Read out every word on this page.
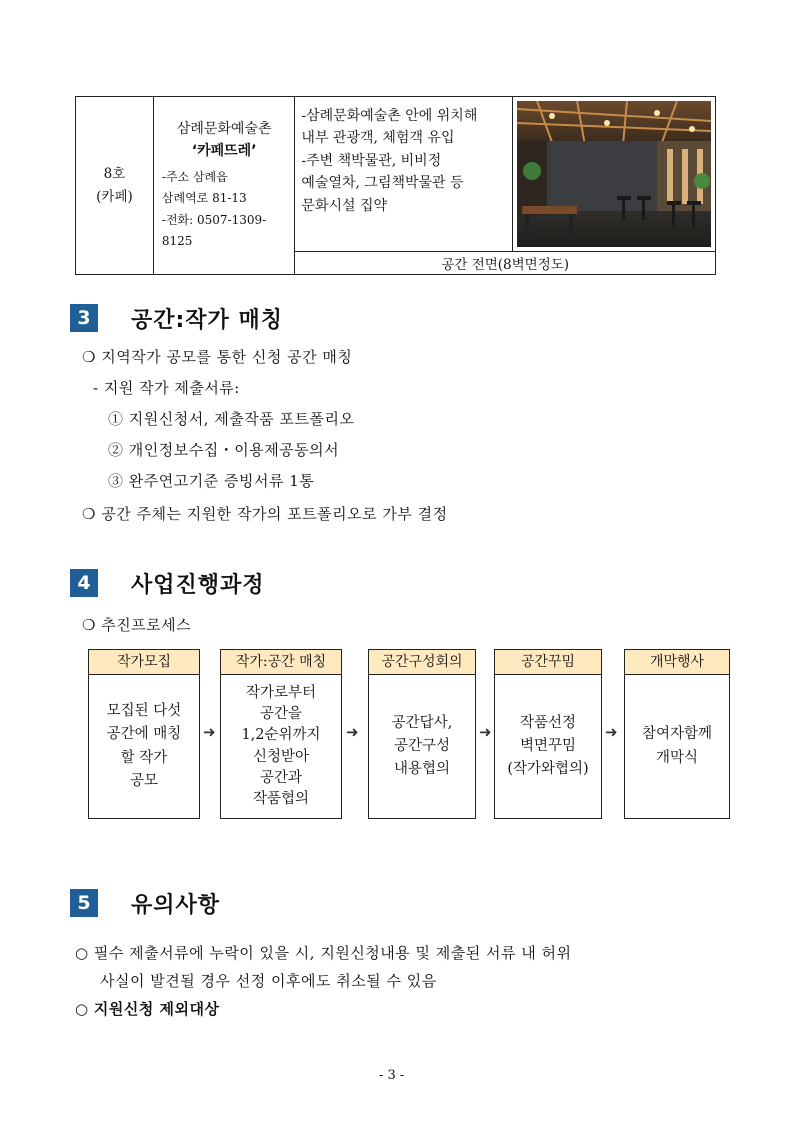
8호
(카페)

삼례문화예술촌
‘카페뜨레’
-주소 삼례읍
삼례역로 81-13
-전화: 0507-1309-
8125

-삼례문화예술촌 안에 위치해
내부 관광객, 체험객 유입
-주변 책박물관, 비비정
예술열차, 그림책박물관 등
문화시설 집약

공간 전면(8벽면정도)
3	공간:작가 매칭
❍ 지역작가 공모를 통한 신청 공간 매칭
- 지원 작가 제출서류:
① 지원신청서, 제출작품 포트폴리오
② 개인정보수집・이용제공동의서
③ 완주연고기준 증빙서류 1통
❍ 공간 주체는 지원한 작가의 포트폴리오로 가부 결정
4	사업진행과정
❍ 추진프로세스
작가모집
모집된 다섯
공간에 매칭
할 작가
공모
➜
작가:공간 매칭
작가로부터
공간을
1,2순위까지
신청받아
공간과
작품협의
➜
공간구성회의
공간답사,
공간구성
내용협의
➜
공간꾸밈
작품선정
벽면꾸밈
(작가와협의)
➜
개막행사
참여자함께
개막식
5	유의사항
○ 필수 제출서류에 누락이 있을 시, 지원신청내용 및 제출된 서류 내 허위
사실이 발견될 경우 선정 이후에도 취소될 수 있음
○ 지원신청 제외대상
- 3 -
